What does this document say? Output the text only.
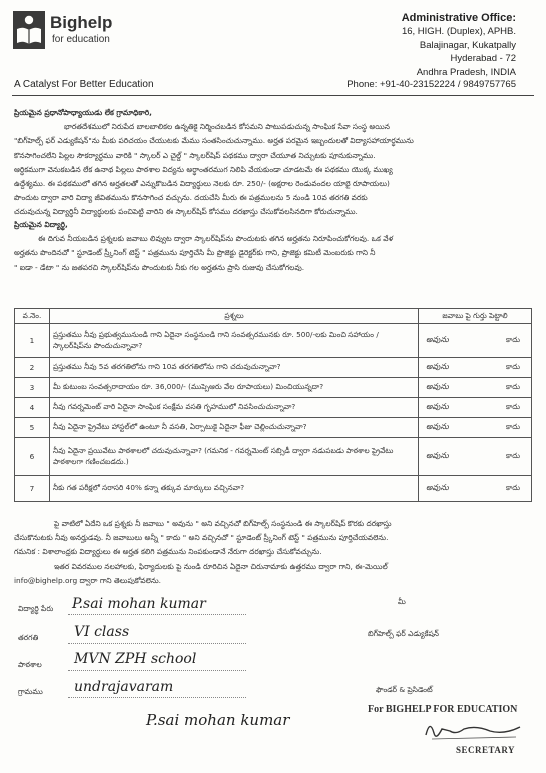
Bighelp
for education
A Catalyst For Better Education
Administrative Office:
16, HIGH. (Duplex), APHB.
Balajinagar, Kukatpally
Hyderabad - 72
Andhra Pradesh, INDIA
Phone: +91-40-23152224 / 9849757765
ప్రియమైన ప్రధానోపాధ్యాయుడు లేక గ్రామాధికారి,
భారతదేశములో నిరుపేద బాలబాలికల ఉన్నతికై నిర్మించబడిన కోసమని పాటుపడుచున్న సాంఘిక సేవా సంస్థ అయిన
"బిగ్‌హెల్ప్ ఫర్ ఎడ్యుకేషన్"ను మీకు పరిచయం చేయుటకు మేము సంతసించుచున్నాము. అర్హత పరమైన ఇబ్బందులతో విద్యాసహాయార్థమును
కొనసాగించలేని పిల్లల సౌకర్యార్థము వారికి " స్కాలర్ ఎ చైల్డ్ " స్కాలర్‌షిప్ పథకము ద్వారా చేయూత నిచ్చుటకు పూనుకున్నాము.
ఆర్థికముగా వెనుకబడిన లేక ఉనాథ పిల్లలు పాఠశాల విద్యను అర్థాంతరముగ నిలిపి వేయకుండా చూడటమే ఈ పథకము యొక్క ముఖ్య
ఉద్దేశ్యము. ఈ పథకములో తగిన అర్హతలతో ఎన్నుకొబడిన విద్యార్థులు నెలకు రూ. 250/- (అక్షరాల రెండువందల యాభై రూపాయలు)
పొందుట ద్వారా వారి విద్యా జీవితమును కొనసాగించ వచ్చును. దయచేసి మీరు ఈ పత్రములను 5 నుండి 10వ తరగతి వరకు
చదువుచున్న విద్యార్థినీ విద్యార్థులకు పంచిపెట్టి వారిని ఈ స్కాలర్‌షిప్ కోసము దరఖాస్తు చేసుకోవలసినదిగా కోరుచున్నాము.
ప్రియమైన విద్యార్థి,
ఈ దిగువ నీయబడిన ప్రశ్నలకు జవాబు లివ్వుట ద్వారా స్కాలర్‌షిప్‌ను పొందుటకు తగిన అర్హతను నిరూపించుకోగలవు. ఒక వేళ
అర్హతను పొందినచో " స్టూడెంట్ స్ర్కీనింగ్ టెస్ట్ " పత్రమును పూర్తిచేసి మీ ప్రొజెక్టు డైరెక్టర్‌కు గాని, ప్రాజెక్టు కమిటీ మెంబరుకు గాని నీ
" ఐడా - డేటా " ను జతపరచి స్కాలర్‌షిప్‌ను పొందుటకు నీకు గల అర్హతను ప్రాసి రుజువు చేసుకోగలవు.
వ.నెం.	ప్రశ్నలు	జవాబు పై గుర్తు పెట్టాలి
1	ప్రస్తుతము నీవు ప్రభుత్వమునుండి గాని ఏదైనా సంస్థనుండి గాని సంవత్సరమునకు రూ. 500/-లకు మించి సహాయం / స్కాలర్‌షిప్‌ను పొందుచున్నావా?	అవును కాదు

2	ప్రస్తుతము నీవు 5వ తరగతిలోను గాని 10వ తరగతిలోను గాని చదువుచున్నావా?	అవును కాదు

3	మీ కుటుంబ సంవత్సరాదాయం రూ. 36,000/- (ముప్పెఆరు వేల రూపాయలు) మించియున్నదా?	అవును కాదు

4	నీవు గవర్నమెంట్ వారి ఏదైనా సాంఘిక సంక్షేమ వసతి గృహములో నివసించుచున్నావా?	అవును కాదు

5	నీవు ఏదైనా ప్రైవేటు హాస్టల్‌లో ఉంటూ నీ వసతి, ఏర్పాటుకై ఏదైనా ఫీజు చెల్లించుచున్నావా?	అవును కాదు

6	నీవు ఏదైనా ప్రయివేటు పాఠశాలలో చదువుచున్నావా? (గమనిక - గవర్నమెంట్ సబ్సిడీ ద్వారా నడుపబడు పాఠశాల ప్రైవేటు పాఠశాలగా గణించబడదు.)	అవును కాదు

7	నీకు గత పరీక్షలో సరాసరి 40% కన్నా తక్కువ మార్కులు వచ్చినవా?	అవును కాదు
పై వాటిలో ఏదేని ఒక ప్రశ్నకు నీ జవాబు " అవును " అని వచ్చినచో బిగ్‌హెల్ప్ సంస్థనుండి ఈ స్కాలర్‌షిప్ కొరకు దరఖాస్తు
చేసుకొనుటకు నీవు అనర్హుడవు. నీ జవాబులు అన్నీ " కాదు " అని వచ్చినచో " స్టూడెంట్ స్ర్కీనింగ్ టెస్ట్ " పత్రమును పూర్తిచేయవలెను.
గమనిక : విశాలాంధ్రకు విద్యార్థులు ఈ అర్హత కలిగి పత్రమును నింపకుండానే నేరుగా దరఖాస్తు చేసుకోవచ్చును.
ఇతర వివరముల నలహాలకు, ఫిర్యాదులకు పై నుండి రూరిచిన ఏదైనా చిరునామాకు ఉత్తరము ద్వారా గాని, ఈ-మెయిల్
info@bighelp.org ద్వారా గాని తెలుపుకోవలెను.
విద్యార్థి పేరు P.sai mohan kumar
తరగతి	VI class
పాఠశాల MVN ZPH school
గ్రామము undrajavaram
P.sai mohan kumar
మీ
బిగ్‌హెల్ప్ ఫర్ ఎడ్యుకేషన్
ఫౌండర్ & ప్రెసిడెంట్
For BIGHELP FOR EDUCATION
SECRETARY
